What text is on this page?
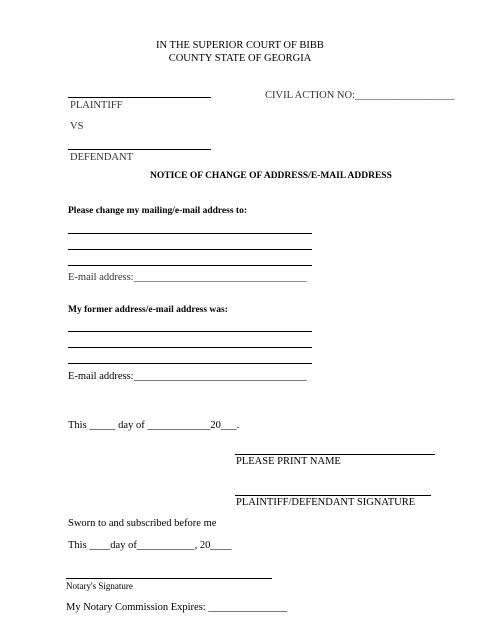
IN THE SUPERIOR COURT OF BIBB
COUNTY STATE OF GEORGIA
PLAINTIFF
CIVIL ACTION NO:___________________
VS
DEFENDANT
NOTICE OF CHANGE OF ADDRESS/E-MAIL ADDRESS
Please change my mailing/e-mail address to:
E-mail address:_________________________________
My former address/e-mail address was:
E-mail address:_________________________________
This _____ day of ____________20___.
PLEASE PRINT NAME
PLAINTIFF/DEFENDANT SIGNATURE
Sworn to and subscribed before me
This ____day of___________, 20____
Notary's Signature
My Notary Commission Expires: _______________
